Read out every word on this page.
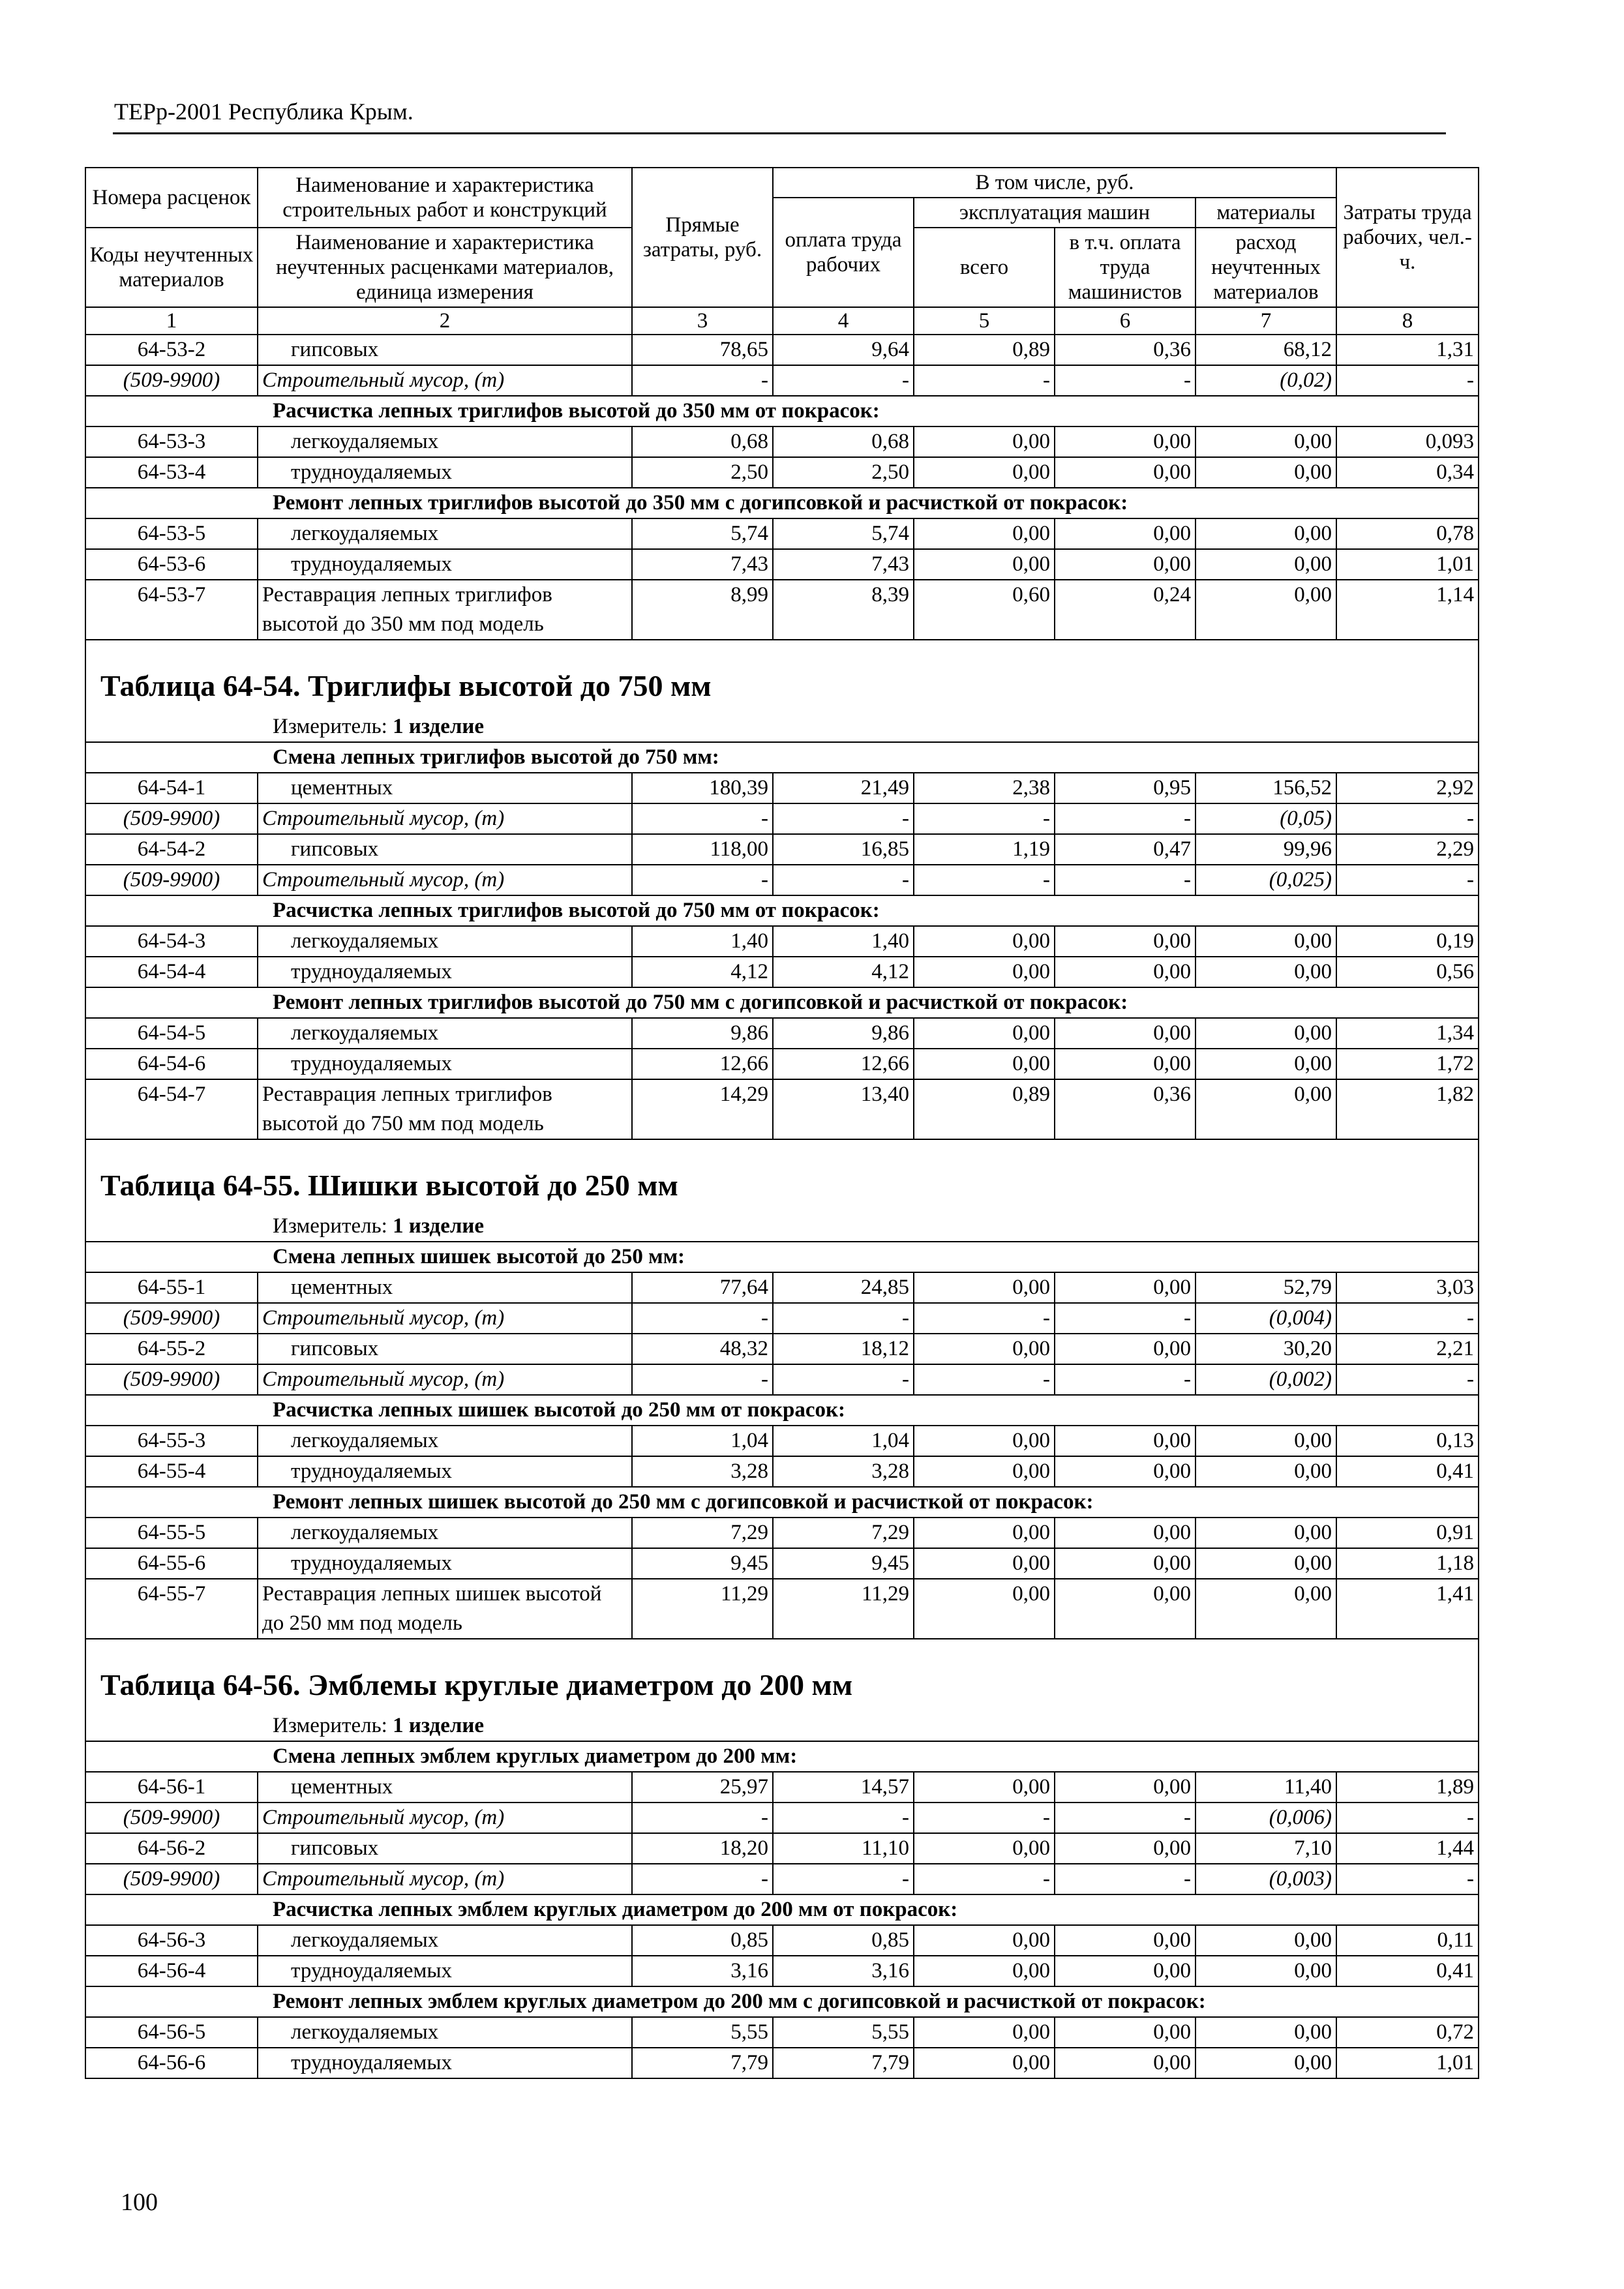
ТЕРр-2001 Республика Крым.
Номера расценок	Наименование и характеристика строительных работ и конструкций	Прямые затраты, руб.	В том числе, руб.				Затраты труда рабочих, чел.-ч.
			оплата труда рабочих	эксплуатация машин		материалы	
Коды неучтенных материалов	Наименование и характеристика неучтенных расценками материалов, единица измерения			всего	в т.ч. оплата труда машинистов	расход неучтенных материалов	

1	2	3	4	5	6	7	8
64-53-2	гипсовых	78,65	9,64	0,89	0,36	68,12	1,31
(509-9900)	Строительный мусор, (т)	-	-	-	-	(0,02)	-
Расчистка лепных триглифов высотой до 350 мм от покрасок:							
64-53-3	легкоудаляемых	0,68	0,68	0,00	0,00	0,00	0,093
64-53-4	трудноудаляемых	2,50	2,50	0,00	0,00	0,00	0,34
Ремонт лепных триглифов высотой до 350 мм с догипсовкой и расчисткой от покрасок:							
64-53-5	легкоудаляемых	5,74	5,74	0,00	0,00	0,00	0,78
64-53-6	трудноудаляемых	7,43	7,43	0,00	0,00	0,00	1,01
64-53-7	Реставрация лепных триглифов высотой до 350 мм под модель	8,99	8,39	0,60	0,24	0,00	1,14

Таблица 64-54. Триглифы высотой до 750 мм							

Измеритель: 1 изделие							
Смена лепных триглифов высотой до 750 мм:							
64-54-1	цементных	180,39	21,49	2,38	0,95	156,52	2,92
(509-9900)	Строительный мусор, (т)	-	-	-	-	(0,05)	-
64-54-2	гипсовых	118,00	16,85	1,19	0,47	99,96	2,29
(509-9900)	Строительный мусор, (т)	-	-	-	-	(0,025)	-
Расчистка лепных триглифов высотой до 750 мм от покрасок:							
64-54-3	легкоудаляемых	1,40	1,40	0,00	0,00	0,00	0,19
64-54-4	трудноудаляемых	4,12	4,12	0,00	0,00	0,00	0,56
Ремонт лепных триглифов высотой до 750 мм с догипсовкой и расчисткой от покрасок:							
64-54-5	легкоудаляемых	9,86	9,86	0,00	0,00	0,00	1,34
64-54-6	трудноудаляемых	12,66	12,66	0,00	0,00	0,00	1,72
64-54-7	Реставрация лепных триглифов высотой до 750 мм под модель	14,29	13,40	0,89	0,36	0,00	1,82

Таблица 64-55. Шишки высотой до 250 мм							

Измеритель: 1 изделие							
Смена лепных шишек высотой до 250 мм:							
64-55-1	цементных	77,64	24,85	0,00	0,00	52,79	3,03
(509-9900)	Строительный мусор, (т)	-	-	-	-	(0,004)	-
64-55-2	гипсовых	48,32	18,12	0,00	0,00	30,20	2,21
(509-9900)	Строительный мусор, (т)	-	-	-	-	(0,002)	-
Расчистка лепных шишек высотой до 250 мм от покрасок:							
64-55-3	легкоудаляемых	1,04	1,04	0,00	0,00	0,00	0,13
64-55-4	трудноудаляемых	3,28	3,28	0,00	0,00	0,00	0,41
Ремонт лепных шишек высотой до 250 мм с догипсовкой и расчисткой от покрасок:							
64-55-5	легкоудаляемых	7,29	7,29	0,00	0,00	0,00	0,91
64-55-6	трудноудаляемых	9,45	9,45	0,00	0,00	0,00	1,18
64-55-7	Реставрация лепных шишек высотой до 250 мм под модель	11,29	11,29	0,00	0,00	0,00	1,41

Таблица 64-56. Эмблемы круглые диаметром до 200 мм							

Измеритель: 1 изделие							
Смена лепных эмблем круглых диаметром до 200 мм:							
64-56-1	цементных	25,97	14,57	0,00	0,00	11,40	1,89
(509-9900)	Строительный мусор, (т)	-	-	-	-	(0,006)	-
64-56-2	гипсовых	18,20	11,10	0,00	0,00	7,10	1,44
(509-9900)	Строительный мусор, (т)	-	-	-	-	(0,003)	-
Расчистка лепных эмблем круглых диаметром до 200 мм от покрасок:							
64-56-3	легкоудаляемых	0,85	0,85	0,00	0,00	0,00	0,11
64-56-4	трудноудаляемых	3,16	3,16	0,00	0,00	0,00	0,41
Ремонт лепных эмблем круглых диаметром до 200 мм с догипсовкой и расчисткой от покрасок:							
64-56-5	легкоудаляемых	5,55	5,55	0,00	0,00	0,00	0,72
64-56-6	трудноудаляемых	7,79	7,79	0,00	0,00	0,00	1,01
100
